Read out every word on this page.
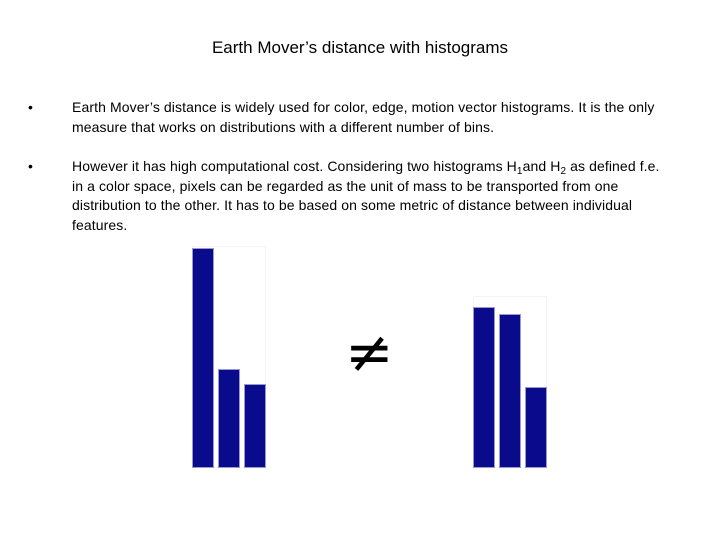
Earth Mover’s distance with histograms
•	Earth Mover’s distance is widely used for color, edge, motion vector histograms. It is the only measure that works on distributions with a different number of bins.
•	However it has high computational cost. Considering two histograms $H_1and$ $H_2$ as defined f.e. in a color space, pixels can be regarded as the unit of mass to be transported from one distribution to the other. It has to be based on some metric of distance between individual features.
≠
